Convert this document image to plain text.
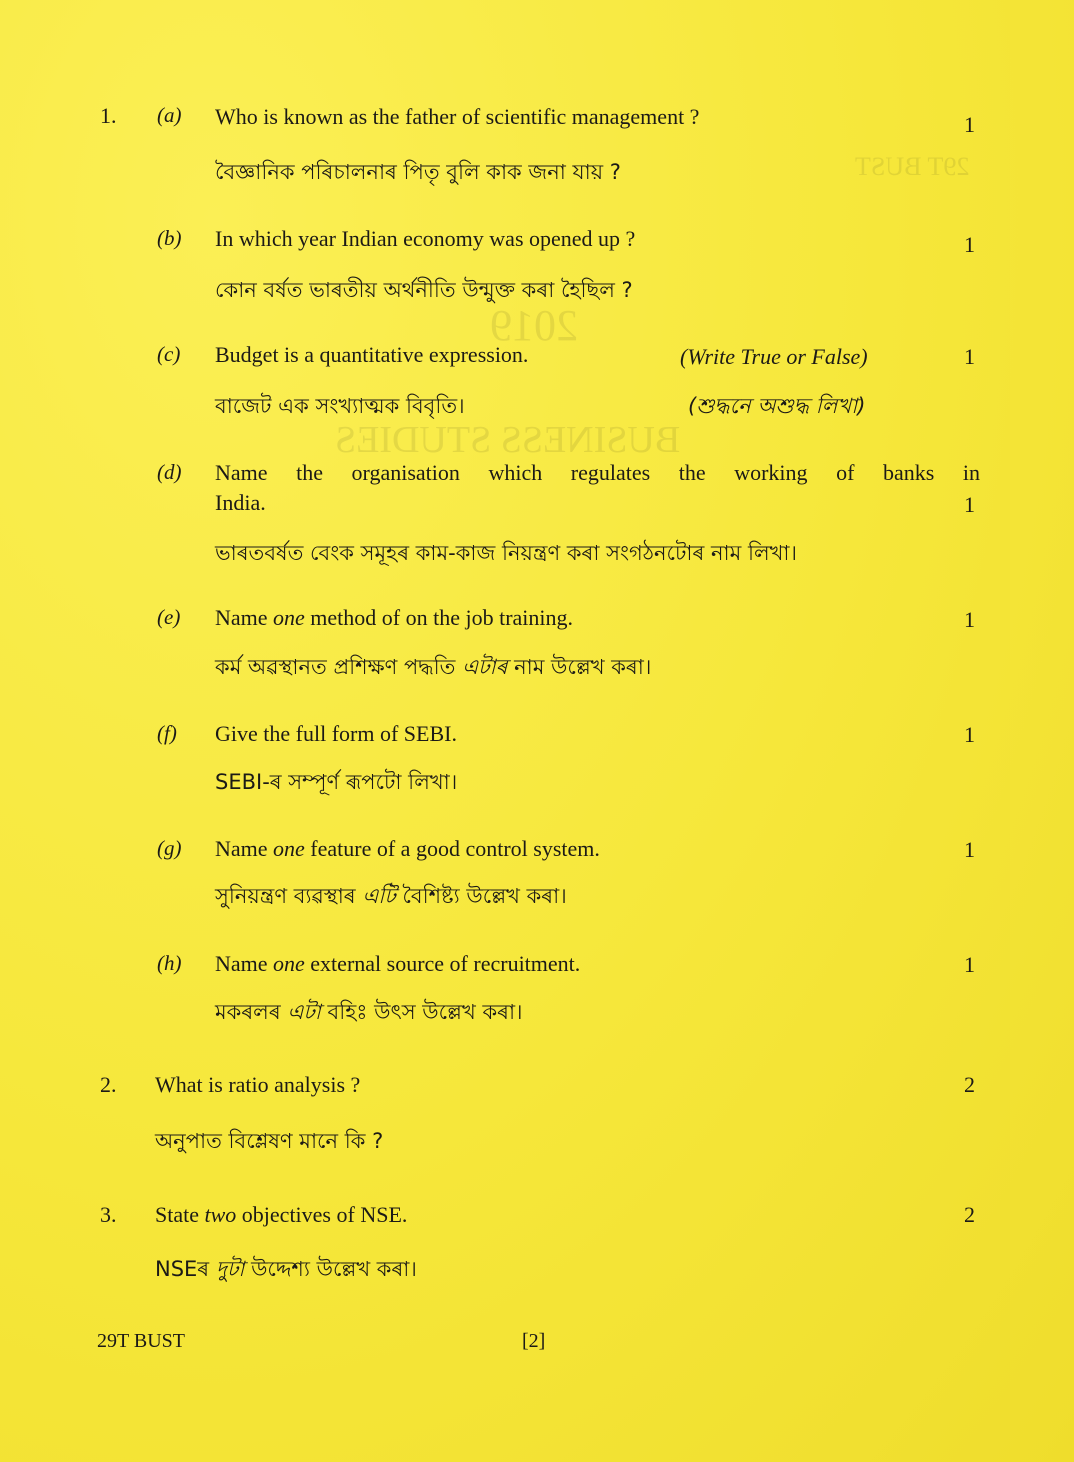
2019
BUSINESS STUDIES
29T BUST
1. (a) Who is known as the father of scientific management ?	1
বৈজ্ঞানিক পৰিচালনাৰ পিতৃ বুলি কাক জনা যায় ?
(b) In which year Indian economy was opened up ?	1
কোন বৰ্ষত ভাৰতীয় অৰ্থনীতি উন্মুক্ত কৰা হৈছিল ?
(c) Budget is a quantitative expression.	(Write True or False)	1
বাজেট এক সংখ্যাত্মক বিবৃতি।	(শুদ্ধনে অশুদ্ধ লিখা)
(d) Name the organisation which regulates the working of banks in
India.	1
ভাৰতবৰ্ষত বেংক সমূহৰ কাম-কাজ নিয়ন্ত্ৰণ কৰা সংগঠনটোৰ নাম লিখা।
(e) Name one method of on the job training.	1
কৰ্ম অৱস্থানত প্ৰশিক্ষণ পদ্ধতি এটাৰ নাম উল্লেখ কৰা।
(f) Give the full form of SEBI.	1
SEBI-ৰ সম্পূৰ্ণ ৰূপটো লিখা।
(g) Name one feature of a good control system.	1
সুনিয়ন্ত্ৰণ ব্যৱস্থাৰ এটি বৈশিষ্ট্য উল্লেখ কৰা।
(h) Name one external source of recruitment.	1
মকৰলৰ এটা বহিঃ উৎস উল্লেখ কৰা।
2. What is ratio analysis ?	2
অনুপাত বিশ্লেষণ মানে কি ?
3. State two objectives of NSE.	2
NSEৰ দুটা উদ্দেশ্য উল্লেখ কৰা।
29T BUST	[2]
